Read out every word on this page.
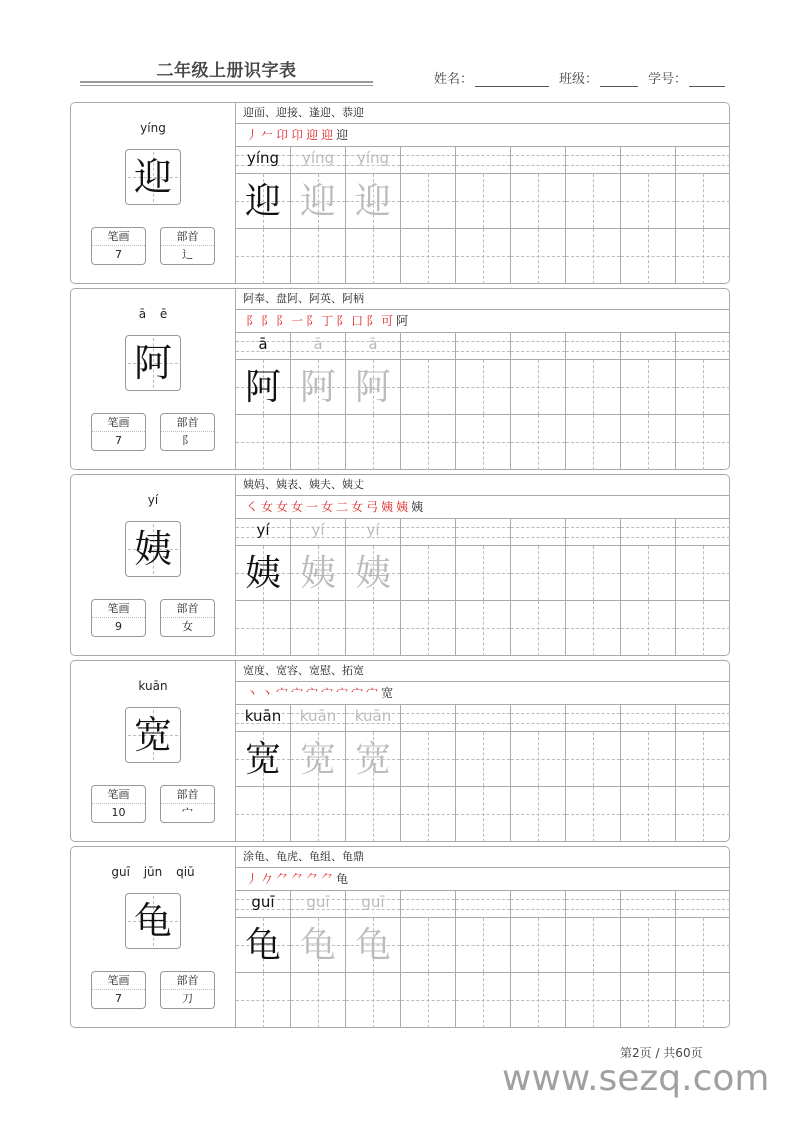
二年级上册识字表	姓名：	班级：	学号：
yíng
迎
笔画
7
部首
辶
迎面、迎接、逢迎、恭迎
丿𠂉卬卬迎迎迎
yíng	yíng	yíng
迎 迎 迎
ā ē
阿
笔画
7
部首
阝
阿奉、盘阿、阿英、阿柄
阝阝阝一阝丁阝口阝可阿
ā	ā	ā
阿 阿 阿
yí
姨
笔画
9
部首
女
姨妈、姨表、姨夫、姨丈
㇛女女女一女二女弓姨姨姨
yí	yí	yí
姨 姨 姨
kuān
宽
笔画
10
部首
宀
宽度、宽容、宽慰、拓宽
丶丶宀宀宀宀宀宀宀宽
kuān	kuān	kuān
宽 宽 宽
guī jūn qiū
龟
笔画
7
部首
刀
涂龟、龟虎、龟组、龟鼎
丿𠂊⺈⺈⺈⺈龟
guī	guī	guī
龟 龟 龟
第2页 / 共60页
www.sezq.com
